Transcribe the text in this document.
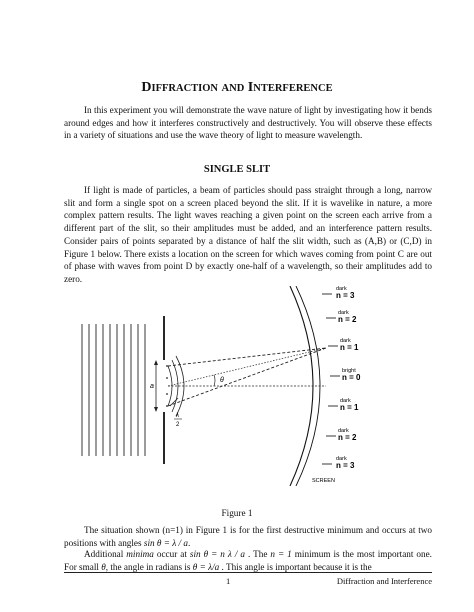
DIFFRACTION AND INTERFERENCE

In this experiment you will demonstrate the wave nature of light by investigating how it bends around edges and how it interferes constructively and destructively. You will observe these effects in a variety of situations and use the wave theory of light to measure wavelength.

SINGLE SLIT

If light is made of particles, a beam of particles should pass straight through a long, narrow slit and form a single spot on a screen placed beyond the slit. If it is wavelike in nature, a more complex pattern results. The light waves reaching a given point on the screen each arrive from a different part of the slit, so their amplitudes must be added, and an interference pattern results. Consider pairs of points separated by a distance of half the slit width, such as (A,B) or (C,D) in Figure 1 below. There exists a location on the screen for which waves coming from point C are out of phase with waves from point D by exactly one-half of a wavelength, so their amplitudes add to zero.

a
θ
λ
2
dark
n = 3
dark
n = 2
dark
n = 1
bright
n = 0
dark
n = 1
dark
n = 2
dark
n = 3
SCREEN
Figure 1

The situation shown (n=1) in Figure 1 is for the first destructive minimum and occurs at two positions with angles sin θ = λ / a.

Additional minima occur at sin θ = n λ / a . The n = 1 minimum is the most important one. For small θ, the angle in radians is θ = λ/a . This angle is important because it is the

1	Diffraction and Interference
